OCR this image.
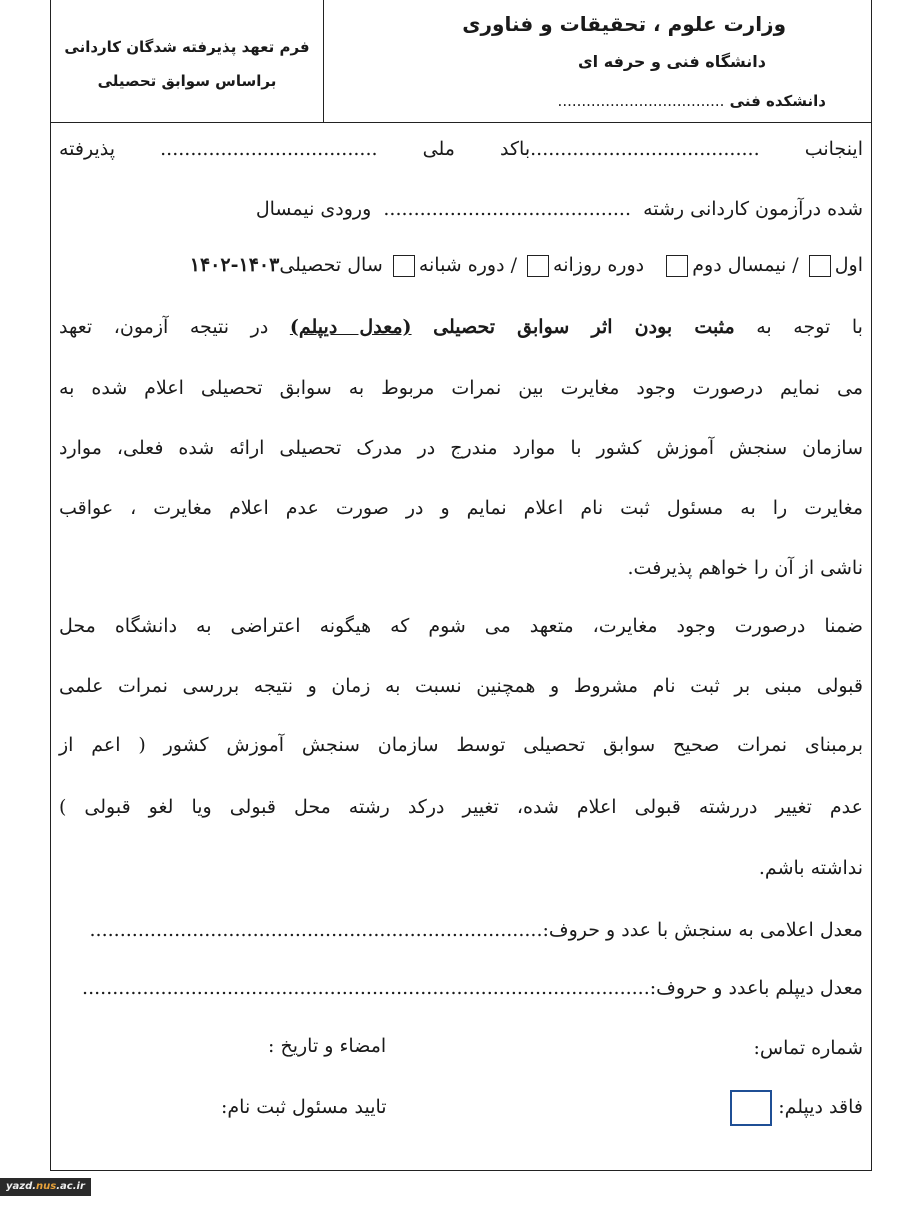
فرم تعهد پذیرفته شدگان کاردانی
براساس سوابق تحصیلی
وزارت علوم ، تحقیقات و فناوری
دانشگاه فنی و حرفه ای
دانشکده فنی ...................................
اینجانب ......................................باکد ملی .................................... پذیرفته
شده درآزمون کاردانی رشته  .........................................  ورودی نیمسال
اول / نیمسال دوم   دوره روزانه / دوره شبانه سال تحصیلی۱۴۰۳-۱۴۰۲
با توجه به مثبت بودن اثر سوابق تحصیلی (معدل دیپلم) در نتیجه آزمون، تعهد
می نمایم درصورت وجود مغایرت بین نمرات مربوط به سوابق تحصیلی اعلام شده به
سازمان سنجش آموزش کشور با موارد مندرج در مدرک تحصیلی ارائه شده فعلی، موارد
مغایرت را به مسئول ثبت نام اعلام نمایم و در صورت عدم اعلام مغایرت ، عواقب
ناشی از آن را خواهم پذیرفت.
ضمنا درصورت وجود مغایرت، متعهد می شوم که هیگونه اعتراضی به دانشگاه محل
قبولی مبنی بر ثبت نام مشروط و همچنین نسبت به زمان و نتیجه بررسی نمرات علمی
برمبنای نمرات صحیح سوابق تحصیلی توسط سازمان سنجش آموزش کشور ( اعم از
عدم تغییر دررشته قبولی اعلام شده، تغییر درکد رشته محل قبولی ویا لغو قبولی )
نداشته باشم.
معدل اعلامی به سنجش با عدد و حروف:...........................................................................
معدل دیپلم باعدد و حروف:..............................................................................................
شماره تماس:
امضاء و تاریخ :
فاقد دیپلم:
تایید مسئول ثبت نام:
yazd.nus.ac.ir
